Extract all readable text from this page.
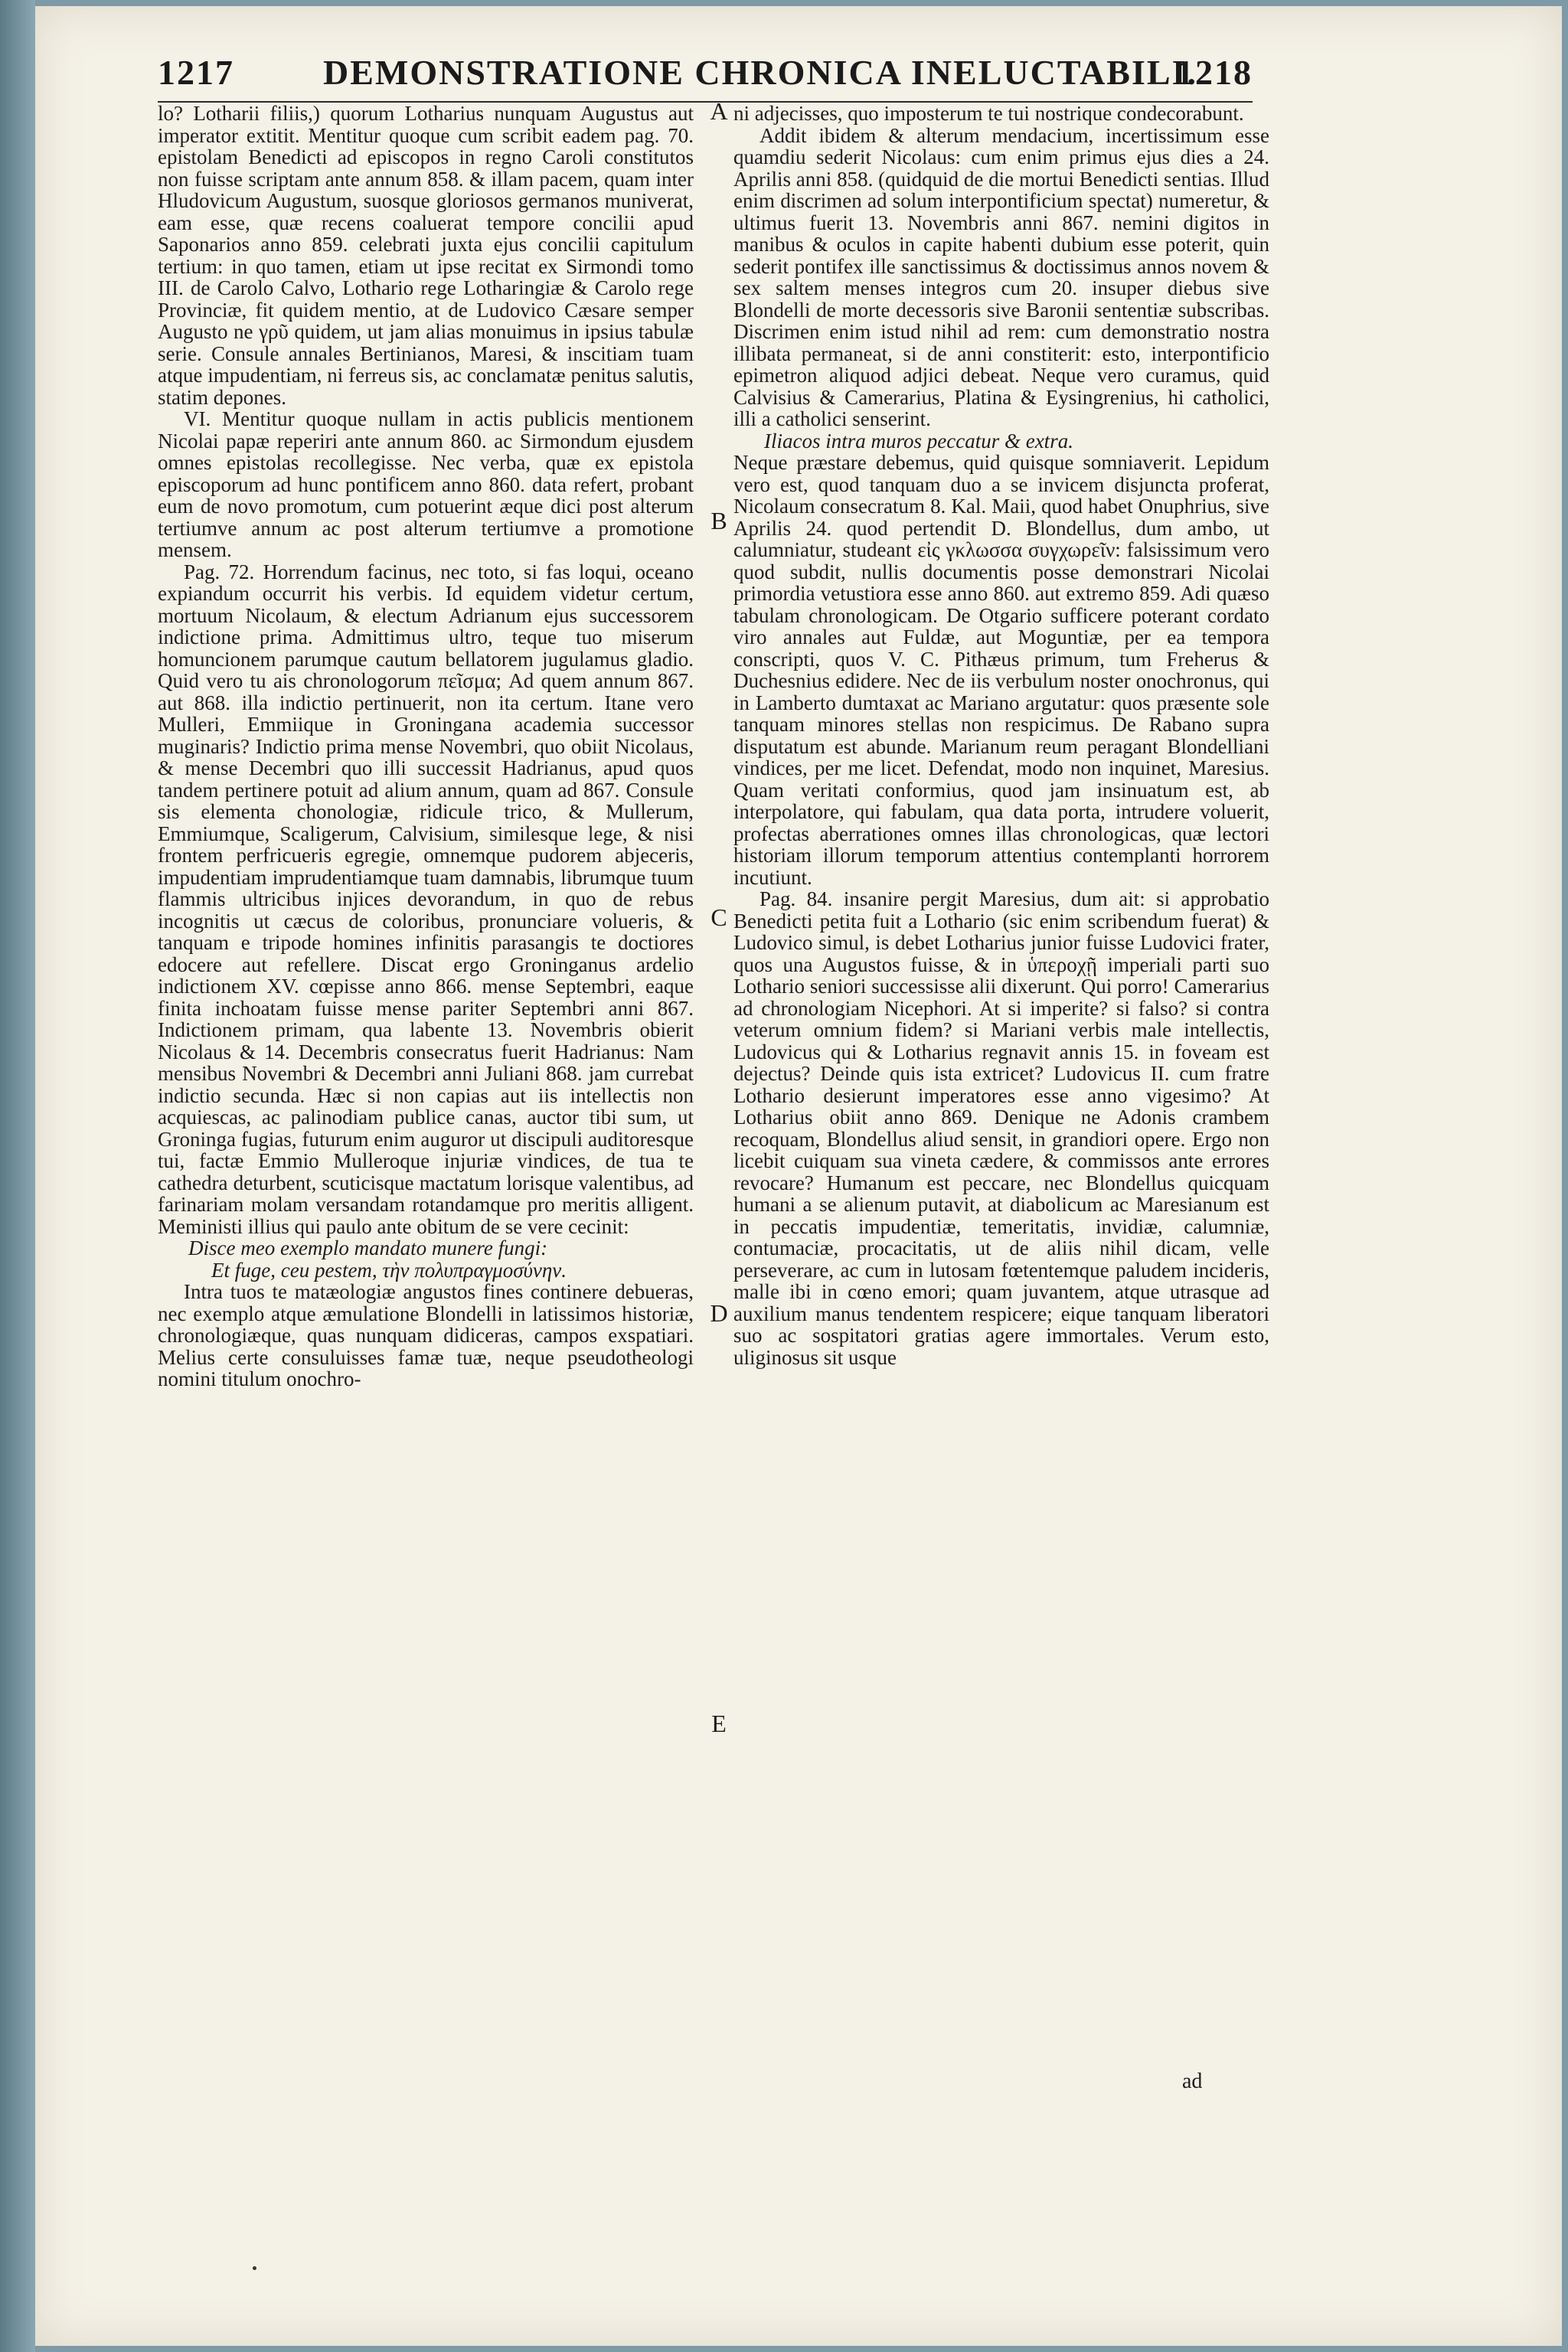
1217	DEMONSTRATIONE CHRONICA INELUCTABILI.
1218

lo? Lotharii filiis,) quorum Lotharius nunquam Augustus aut imperator extitit. Mentitur quoque cum scribit eadem pag. 70. epistolam Benedicti ad episcopos in regno Caroli constitutos non fuisse scriptam ante annum 858. & illam pacem, quam inter Hludovicum Augustum, suosque gloriosos germanos muniverat, eam esse, quæ recens coaluerat tempore concilii apud Saponarios anno 859. celebrati juxta ejus concilii capitulum tertium: in quo tamen, etiam ut ipse recitat ex Sirmondi tomo III. de Carolo Calvo, Lothario rege Lotharingiæ & Carolo rege Provinciæ, fit quidem mentio, at de Ludovico Cæsare semper Augusto ne γρῦ quidem, ut jam alias monuimus in ipsius tabulæ serie. Consule annales Bertinianos, Maresi, & inscitiam tuam atque impudentiam, ni ferreus sis, ac conclamatæ penitus salutis, statim depones.

VI. Mentitur quoque nullam in actis publicis mentionem Nicolai papæ reperiri ante annum 860. ac Sirmondum ejusdem omnes epistolas recollegisse. Nec verba, quæ ex epistola episcoporum ad hunc pontificem anno 860. data refert, probant eum de novo promotum, cum potuerint æque dici post alterum tertiumve annum ac post alterum tertiumve a promotione mensem.

Pag. 72. Horrendum facinus, nec toto, si fas loqui, oceano expiandum occurrit his verbis. Id equidem videtur certum, mortuum Nicolaum, & electum Adrianum ejus successorem indictione prima. Admittimus ultro, teque tuo miserum homuncionem parumque cautum bellatorem jugulamus gladio. Quid vero tu ais chronologorum πεῖσμα; Ad quem annum 867. aut 868. illa indictio pertinuerit, non ita certum. Itane vero Mulleri, Emmiique in Groningana academia successor muginaris? Indictio prima mense Novembri, quo obiit Nicolaus, & mense Decembri quo illi successit Hadrianus, apud quos tandem pertinere potuit ad alium annum, quam ad 867. Consule sis elementa chonologiæ, ridicule trico, & Mullerum, Emmiumque, Scaligerum, Calvisium, similesque lege, & nisi frontem perfricueris egregie, omnemque pudorem abjeceris, impudentiam imprudentiamque tuam damnabis, librumque tuum flammis ultricibus injices devorandum, in quo de rebus incognitis ut cæcus de coloribus, pronunciare volueris, & tanquam e tripode homines infinitis parasangis te doctiores edocere aut refellere. Discat ergo Groninganus ardelio indictionem XV. cœpisse anno 866. mense Septembri, eaque finita inchoatam fuisse mense pariter Septembri anni 867. Indictionem primam, qua labente 13. Novembris obierit Nicolaus & 14. Decembris consecratus fuerit Hadrianus: Nam mensibus Novembri & Decembri anni Juliani 868. jam currebat indictio secunda. Hæc si non capias aut iis intellectis non acquiescas, ac palinodiam publice canas, auctor tibi sum, ut Groninga fugias, futurum enim auguror ut discipuli auditoresque tui, factæ Emmio Mulleroque injuriæ vindices, de tua te cathedra deturbent, scuticisque mactatum lorisque valentibus, ad farinariam molam versandam rotandamque pro meritis alligent. Meministi illius qui paulo ante obitum de se vere cecinit:

Disce meo exemplo mandato munere fungi:

Et fuge, ceu pestem, τὴν πολυπραγμοσύνην.

Intra tuos te matæologiæ angustos fines continere debueras, nec exemplo atque æmulatione Blondelli in latissimos historiæ, chronologiæque, quas nunquam didiceras, campos exspatiari. Melius certe consuluisses famæ tuæ, neque pseudotheologi nomini titulum onochro-

ni adjecisses, quo imposterum te tui nostrique condecorabunt.

Addit ibidem & alterum mendacium, incertissimum esse quamdiu sederit Nicolaus: cum enim primus ejus dies a 24. Aprilis anni 858. (quidquid de die mortui Benedicti sentias. Illud enim discrimen ad solum interpontificium spectat) numeretur, & ultimus fuerit 13. Novembris anni 867. nemini digitos in manibus & oculos in capite habenti dubium esse poterit, quin sederit pontifex ille sanctissimus & doctissimus annos novem & sex saltem menses integros cum 20. insuper diebus sive Blondelli de morte decessoris sive Baronii sententiæ subscribas. Discrimen enim istud nihil ad rem: cum demonstratio nostra illibata permaneat, si de anni constiterit: esto, interpontificio epimetron aliquod adjici debeat. Neque vero curamus, quid Calvisius & Camerarius, Platina & Eysingrenius, hi catholici, illi a catholici senserint.

Iliacos intra muros peccatur & extra.

Neque præstare debemus, quid quisque somniaverit. Lepidum vero est, quod tanquam duo a se invicem disjuncta proferat, Nicolaum consecratum 8. Kal. Maii, quod habet Onuphrius, sive Aprilis 24. quod pertendit D. Blondellus, dum ambo, ut calumniatur, studeant εἰς γκλωσσα συγχωρεῖν: falsissimum vero quod subdit, nullis documentis posse demonstrari Nicolai primordia vetustiora esse anno 860. aut extremo 859. Adi quæso tabulam chronologicam. De Otgario sufficere poterant cordato viro annales aut Fuldæ, aut Moguntiæ, per ea tempora conscripti, quos V. C. Pithæus primum, tum Freherus & Duchesnius edidere. Nec de iis verbulum noster onochronus, qui in Lamberto dumtaxat ac Mariano argutatur: quos præsente sole tanquam minores stellas non respicimus. De Rabano supra disputatum est abunde. Marianum reum peragant Blondelliani vindices, per me licet. Defendat, modo non inquinet, Maresius. Quam veritati conformius, quod jam insinuatum est, ab interpolatore, qui fabulam, qua data porta, intrudere voluerit, profectas aberrationes omnes illas chronologicas, quæ lectori historiam illorum temporum attentius contemplanti horrorem incutiunt.

Pag. 84. insanire pergit Maresius, dum ait: si approbatio Benedicti petita fuit a Lothario (sic enim scribendum fuerat) & Ludovico simul, is debet Lotharius junior fuisse Ludovici frater, quos una Augustos fuisse, & in ὑπεροχῇ imperiali parti suo Lothario seniori successisse alii dixerunt. Qui porro! Camerarius ad chronologiam Nicephori. At si imperite? si falso? si contra veterum omnium fidem? si Mariani verbis male intellectis, Ludovicus qui & Lotharius regnavit annis 15. in foveam est dejectus? Deinde quis ista extricet? Ludovicus II. cum fratre Lothario desierunt imperatores esse anno vigesimo? At Lotharius obiit anno 869. Denique ne Adonis crambem recoquam, Blondellus aliud sensit, in grandiori opere. Ergo non licebit cuiquam sua vineta cædere, & commissos ante errores revocare? Humanum est peccare, nec Blondellus quicquam humani a se alienum putavit, at diabolicum ac Maresianum est in peccatis impudentiæ, temeritatis, invidiæ, calumniæ, contumaciæ, procacitatis, ut de aliis nihil dicam, velle perseverare, ac cum in lutosam fœtentemque paludem incideris, malle ibi in cœno emori; quam juvantem, atque utrasque ad auxilium manus tendentem respicere; eique tanquam liberatori suo ac sospitatori gratias agere immortales. Verum esto, uliginosus sit usque

A
B
C
D
E
ad
